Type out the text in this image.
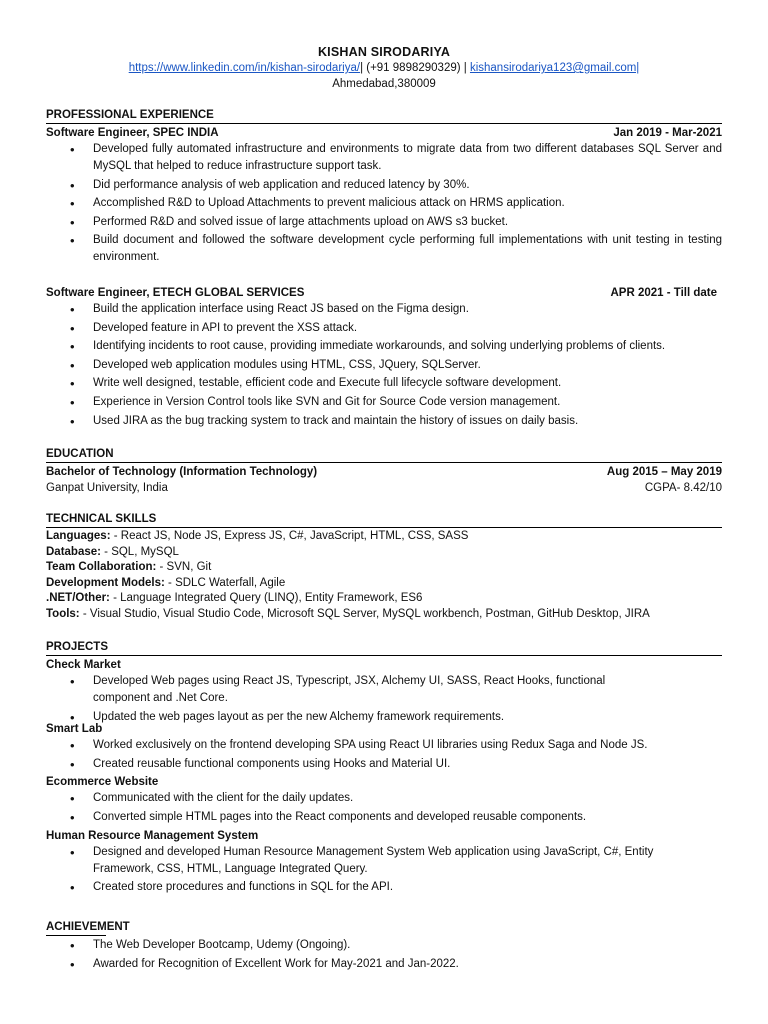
KISHAN SIRODARIYA
https://www.linkedin.com/in/kishan-sirodariya/| (+91 9898290329) | kishansirodariya123@gmail.com|
Ahmedabad,380009
PROFESSIONAL EXPERIENCE
Software Engineer, SPEC INDIA	Jan 2019 - Mar-2021
• Developed fully automated infrastructure and environments to migrate data from two different databases SQL Server and MySQL that helped to reduce infrastructure support task.
• Did performance analysis of web application and reduced latency by 30%.
• Accomplished R&D to Upload Attachments to prevent malicious attack on HRMS application.
• Performed R&D and solved issue of large attachments upload on AWS s3 bucket.
• Build document and followed the software development cycle performing full implementations with unit testing in testing environment.
Software Engineer, ETECH GLOBAL SERVICES	APR 2021 - Till date
• Build the application interface using React JS based on the Figma design.
• Developed feature in API to prevent the XSS attack.
• Identifying incidents to root cause, providing immediate workarounds, and solving underlying problems of clients.
• Developed web application modules using HTML, CSS, JQuery, SQLServer.
• Write well designed, testable, efficient code and Execute full lifecycle software development.
• Experience in Version Control tools like SVN and Git for Source Code version management.
• Used JIRA as the bug tracking system to track and maintain the history of issues on daily basis.
EDUCATION
Bachelor of Technology (Information Technology)	Aug 2015 – May 2019
Ganpat University, India	CGPA- 8.42/10
TECHNICAL SKILLS
Languages: - React JS, Node JS, Express JS, C#, JavaScript, HTML, CSS, SASS
Database: - SQL, MySQL
Team Collaboration: - SVN, Git
Development Models: - SDLC Waterfall, Agile
.NET/Other: - Language Integrated Query (LINQ), Entity Framework, ES6
Tools: - Visual Studio, Visual Studio Code, Microsoft SQL Server, MySQL workbench, Postman, GitHub Desktop, JIRA
PROJECTS
Check Market
• Developed Web pages using React JS, Typescript, JSX, Alchemy UI, SASS, React Hooks, functional component and .Net Core.
• Updated the web pages layout as per the new Alchemy framework requirements.
Smart Lab
• Worked exclusively on the frontend developing SPA using React UI libraries using Redux Saga and Node JS.
• Created reusable functional components using Hooks and Material UI.
Ecommerce Website
• Communicated with the client for the daily updates.
• Converted simple HTML pages into the React components and developed reusable components.
Human Resource Management System
• Designed and developed Human Resource Management System Web application using JavaScript, C#, Entity Framework, CSS, HTML, Language Integrated Query.
• Created store procedures and functions in SQL for the API.
ACHIEVEMENT
• The Web Developer Bootcamp, Udemy (Ongoing).
• Awarded for Recognition of Excellent Work for May-2021 and Jan-2022.
